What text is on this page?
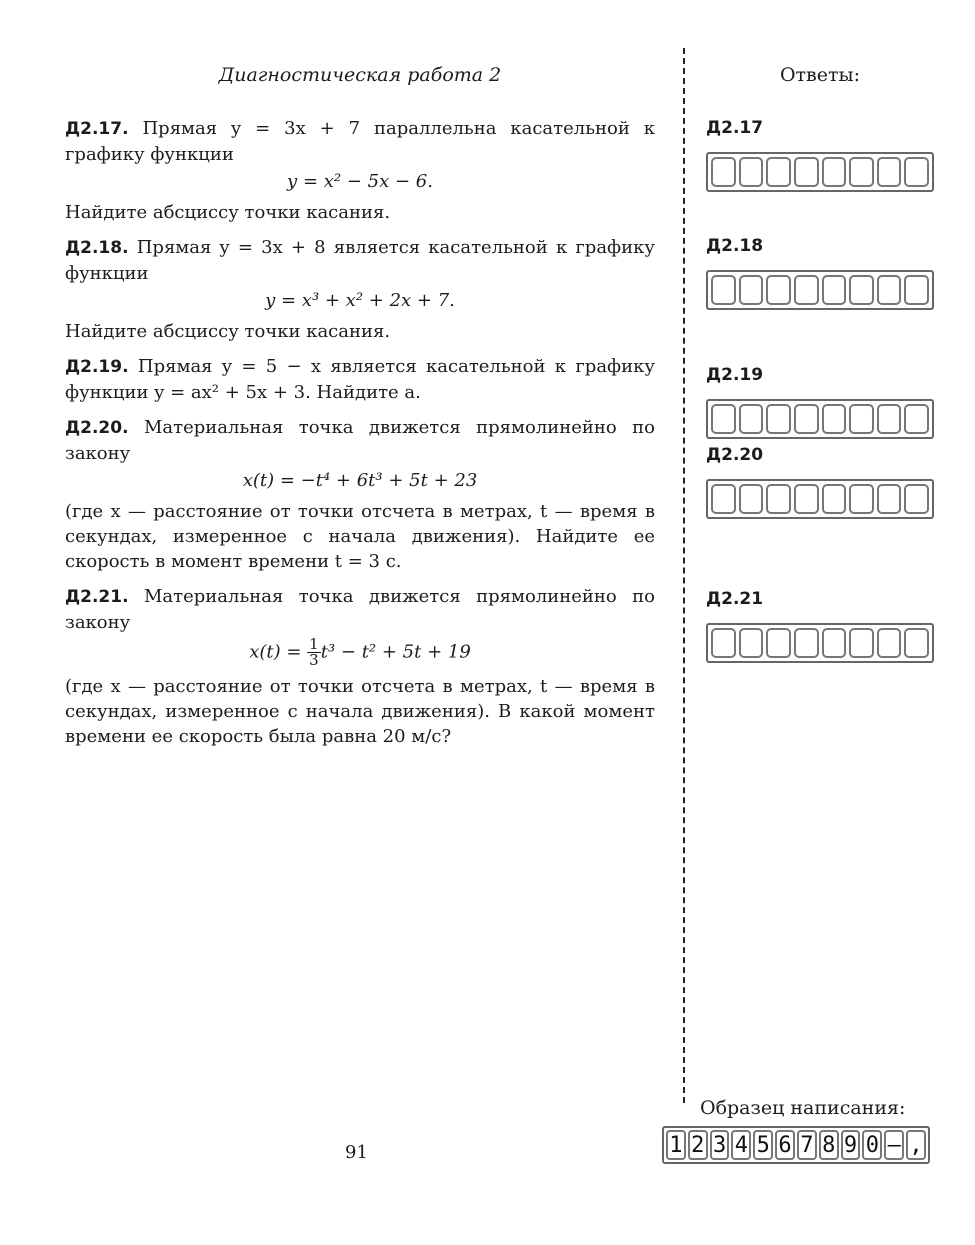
Диагностическая работа 2	Ответы:
Д2.17. Прямая y = 3x + 7 параллельна касательной к графику функции
y = x² − 5x − 6.
Найдите абсциссу точки касания.
Д2.18. Прямая y = 3x + 8 является касательной к графику функции
y = x³ + x² + 2x + 7.
Найдите абсциссу точки касания.
Д2.19. Прямая y = 5 − x является касательной к графику функции y = ax² + 5x + 3. Найдите a.
Д2.20. Материальная точка движется прямолинейно по закону
x(t) = −t⁴ + 6t³ + 5t + 23
(где x — расстояние от точки отсчета в метрах, t — время в секундах, измеренное с начала движения). Найдите ее скорость в момент времени t = 3 с.
Д2.21. Материальная точка движется прямолинейно по закону
$x(t) = \frac{1}{3} t^3 - t^2 + 5t + 19$
(где x — расстояние от точки отсчета в метрах, t — время в секундах, измеренное с начала движения). В какой момент времени ее скорость была равна 20 м/с?
Д2.17
Д2.18
Д2.19
Д2.20
Д2.21
Образец написания:
1 2 3 4 5 6 7 8 9 0 – ,
91
